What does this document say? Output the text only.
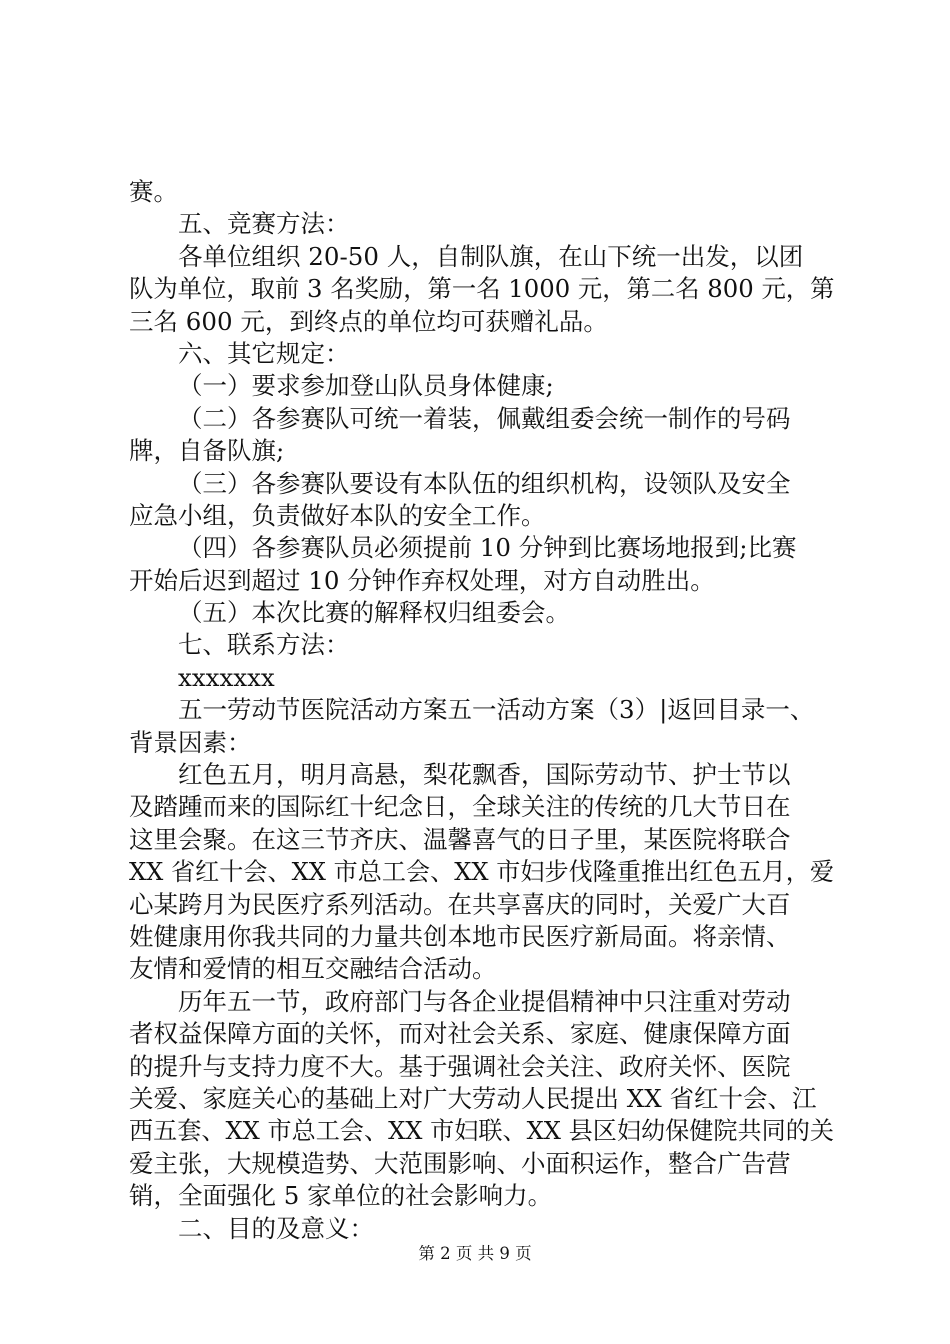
赛。
五、竞赛方法：
各单位组织 20-50 人，自制队旗，在山下统一出发，以团
队为单位，取前 3 名奖励，第一名 1000 元，第二名 800 元，第
三名 600 元，到终点的单位均可获赠礼品。
六、其它规定：
（一）要求参加登山队员身体健康;
（二）各参赛队可统一着装，佩戴组委会统一制作的号码
牌，自备队旗;
（三）各参赛队要设有本队伍的组织机构，设领队及安全
应急小组，负责做好本队的安全工作。
（四）各参赛队员必须提前 10 分钟到比赛场地报到;比赛
开始后迟到超过 10 分钟作弃权处理，对方自动胜出。
（五）本次比赛的解释权归组委会。
七、联系方法：
xxxxxxx
五一劳动节医院活动方案五一活动方案（3）|返回目录一、
背景因素：
红色五月，明月高悬，梨花飘香，国际劳动节、护士节以
及踏踵而来的国际红十纪念日，全球关注的传统的几大节日在
这里会聚。在这三节齐庆、温馨喜气的日子里，某医院将联合
XX 省红十会、XX 市总工会、XX 市妇步伐隆重推出红色五月，爱
心某跨月为民医疗系列活动。在共享喜庆的同时，关爱广大百
姓健康用你我共同的力量共创本地市民医疗新局面。将亲情、
友情和爱情的相互交融结合活动。
历年五一节，政府部门与各企业提倡精神中只注重对劳动
者权益保障方面的关怀，而对社会关系、家庭、健康保障方面
的提升与支持力度不大。基于强调社会关注、政府关怀、医院
关爱、家庭关心的基础上对广大劳动人民提出 XX 省红十会、江
西五套、XX 市总工会、XX 市妇联、XX 县区妇幼保健院共同的关
爱主张，大规模造势、大范围影响、小面积运作，整合广告营
销，全面强化 5 家单位的社会影响力。
二、目的及意义：
第 2 页 共 9 页
